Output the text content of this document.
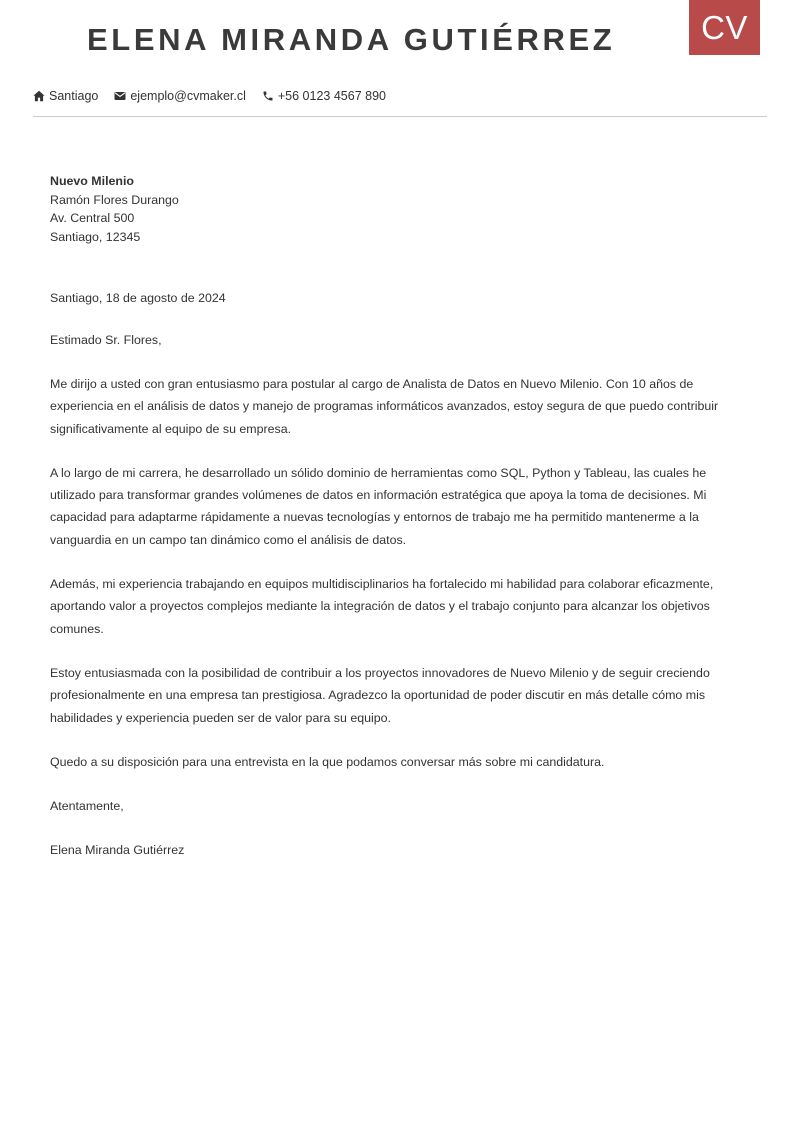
ELENA MIRANDA GUTIÉRREZ	CV
Santiago	ejemplo@cvmaker.cl	+56 0123 4567 890

Nuevo Milenio

Ramón Flores Durango

Av. Central 500

Santiago, 12345

Santiago, 18 de agosto de 2024

Estimado Sr. Flores,

Me dirijo a usted con gran entusiasmo para postular al cargo de Analista de Datos en Nuevo Milenio. Con 10 años de experiencia en el análisis de datos y manejo de programas informáticos avanzados, estoy segura de que puedo contribuir significativamente al equipo de su empresa.

A lo largo de mi carrera, he desarrollado un sólido dominio de herramientas como SQL, Python y Tableau, las cuales he utilizado para transformar grandes volúmenes de datos en información estratégica que apoya la toma de decisiones. Mi capacidad para adaptarme rápidamente a nuevas tecnologías y entornos de trabajo me ha permitido mantenerme a la vanguardia en un campo tan dinámico como el análisis de datos.

Además, mi experiencia trabajando en equipos multidisciplinarios ha fortalecido mi habilidad para colaborar eficazmente, aportando valor a proyectos complejos mediante la integración de datos y el trabajo conjunto para alcanzar los objetivos comunes.

Estoy entusiasmada con la posibilidad de contribuir a los proyectos innovadores de Nuevo Milenio y de seguir creciendo profesionalmente en una empresa tan prestigiosa. Agradezco la oportunidad de poder discutir en más detalle cómo mis habilidades y experiencia pueden ser de valor para su equipo.

Quedo a su disposición para una entrevista en la que podamos conversar más sobre mi candidatura.

Atentamente,

Elena Miranda Gutiérrez
